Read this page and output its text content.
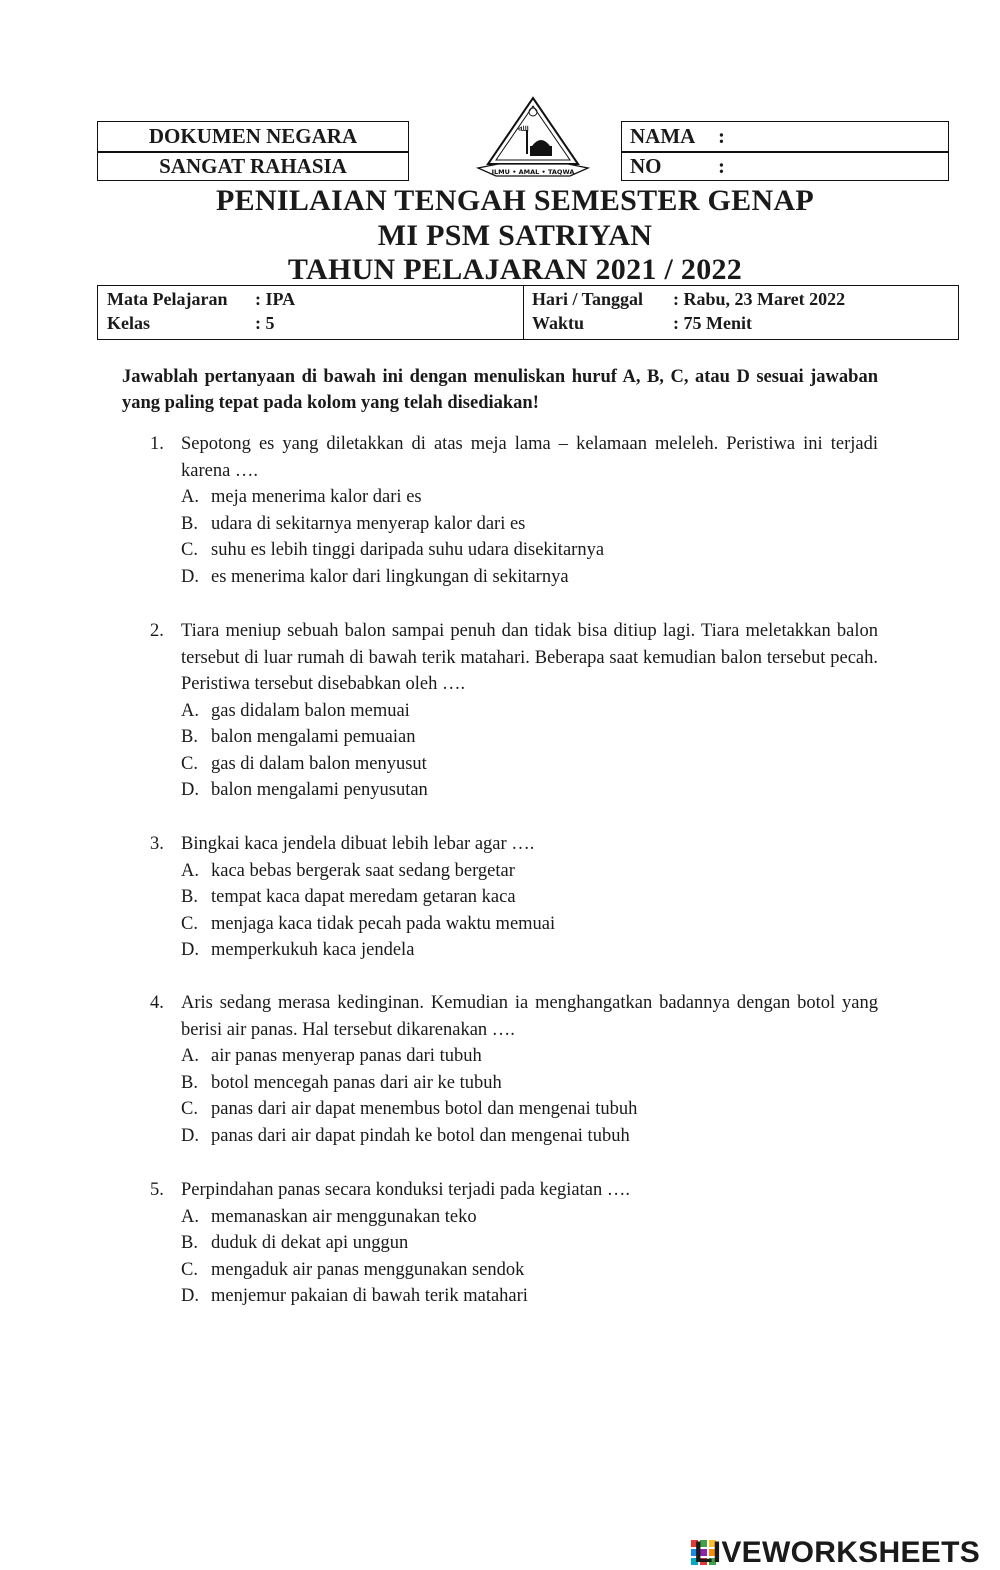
DOKUMEN NEGARA
SANGAT RAHASIA
NAMA :
NO	:
ﷲ
ILMU • AMAL • TAQWA
PENILAIAN TENGAH SEMESTER GENAP
MI PSM SATRIYAN
TAHUN PELAJARAN 2021 / 2022
Mata Pelajaran : IPA
Kelas	: 5
Hari / Tanggal : Rabu, 23 Maret 2022
Waktu	: 75 Menit
Jawablah pertanyaan di bawah ini dengan menuliskan huruf A, B, C, atau D sesuai jawaban yang paling tepat pada kolom yang telah disediakan!
1. Sepotong es yang diletakkan di atas meja lama – kelamaan meleleh. Peristiwa ini terjadi karena ….
A. meja menerima kalor dari es
B. udara di sekitarnya menyerap kalor dari es
C. suhu es lebih tinggi daripada suhu udara disekitarnya
D. es menerima kalor dari lingkungan di sekitarnya
2. Tiara meniup sebuah balon sampai penuh dan tidak bisa ditiup lagi. Tiara meletakkan balon tersebut di luar rumah di bawah terik matahari. Beberapa saat kemudian balon tersebut pecah. Peristiwa tersebut disebabkan oleh ….
A. gas didalam balon memuai
B. balon mengalami pemuaian
C. gas di dalam balon menyusut
D. balon mengalami penyusutan
3. Bingkai kaca jendela dibuat lebih lebar agar ….
A. kaca bebas bergerak saat sedang bergetar
B. tempat kaca dapat meredam getaran kaca
C. menjaga kaca tidak pecah pada waktu memuai
D. memperkukuh kaca jendela
4. Aris sedang merasa kedinginan. Kemudian ia menghangatkan badannya dengan botol yang berisi air panas. Hal tersebut dikarenakan ….
A. air panas menyerap panas dari tubuh
B. botol mencegah panas dari air ke tubuh
C. panas dari air dapat menembus botol dan mengenai tubuh
D. panas dari air dapat pindah ke botol dan mengenai tubuh
5. Perpindahan panas secara konduksi terjadi pada kegiatan ….
A. memanaskan air menggunakan teko
B. duduk di dekat api unggun
C. mengaduk air panas menggunakan sendok
D. menjemur pakaian di bawah terik matahari
LIVEWORKSHEETS
